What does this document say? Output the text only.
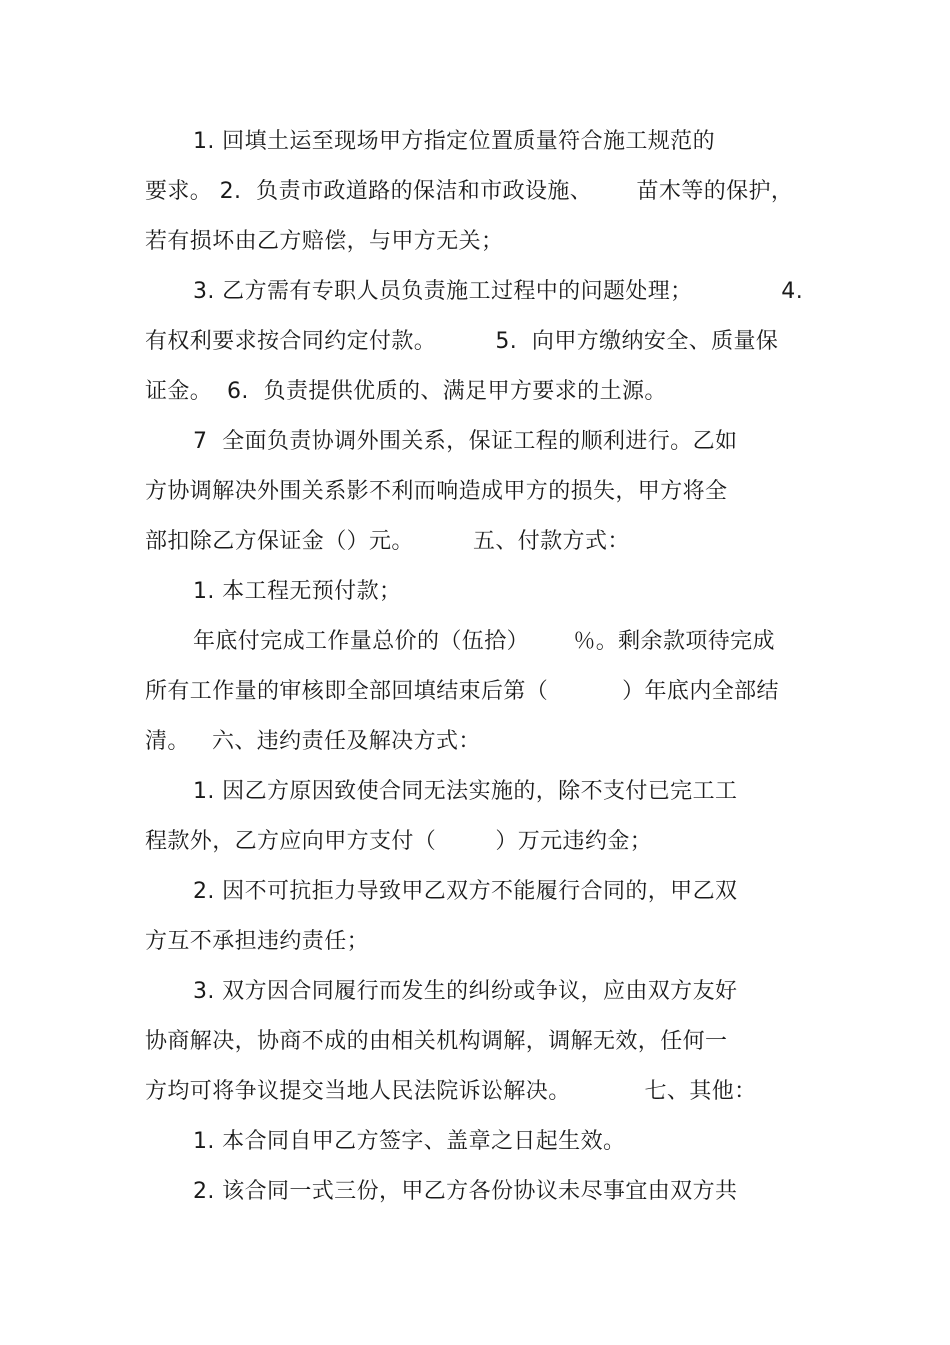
1. 回填土运至现场甲方指定位置质量符合施工规范的
要求。 2.  负责市政道路的保洁和市政设施、      苗木等的保护，
若有损坏由乙方赔偿，与甲方无关；
3. 乙方需有专职人员负责施工过程中的问题处理；            4.
有权利要求按合同约定付款。        5.  向甲方缴纳安全、质量保
证金。  6.  负责提供优质的、满足甲方要求的土源。
7  全面负责协调外围关系，保证工程的顺利进行。乙如
方协调解决外围关系影不利而响造成甲方的损失，甲方将全
部扣除乙方保证金（）元。        五、付款方式：
1. 本工程无预付款；
年底付完成工作量总价的（伍拾）      ％。剩余款项待完成
所有工作量的审核即全部回填结束后第（          ）年底内全部结
清。   六、违约责任及解决方式：
1. 因乙方原因致使合同无法实施的，除不支付已完工工
程款外，乙方应向甲方支付（        ）万元违约金；
2. 因不可抗拒力导致甲乙双方不能履行合同的，甲乙双
方互不承担违约责任；
3. 双方因合同履行而发生的纠纷或争议，应由双方友好
协商解决，协商不成的由相关机构调解，调解无效，任何一
方均可将争议提交当地人民法院诉讼解决。          七、其他：
1. 本合同自甲乙方签字、盖章之日起生效。
2. 该合同一式三份，甲乙方各份协议未尽事宜由双方共
